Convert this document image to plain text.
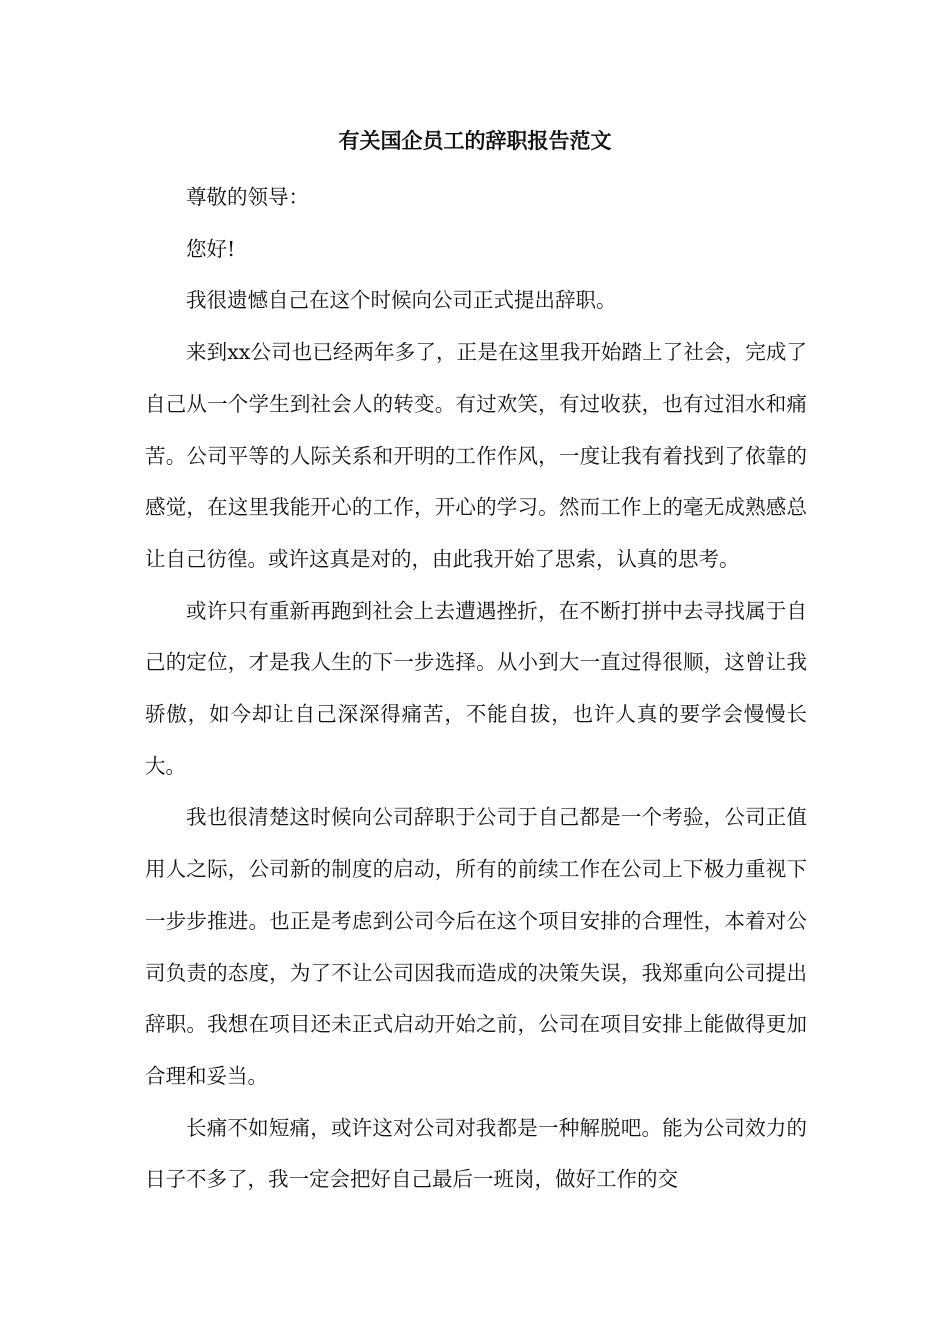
有关国企员工的辞职报告范文

尊敬的领导：

您好!

我很遗憾自己在这个时候向公司正式提出辞职。

来到xx公司也已经两年多了，正是在这里我开始踏上了社会，完成了自己从一个学生到社会人的转变。有过欢笑，有过收获，也有过泪水和痛苦。公司平等的人际关系和开明的工作作风，一度让我有着找到了依靠的感觉，在这里我能开心的工作，开心的学习。然而工作上的毫无成熟感总让自己彷徨。或许这真是对的，由此我开始了思索，认真的思考。

或许只有重新再跑到社会上去遭遇挫折，在不断打拼中去寻找属于自己的定位，才是我人生的下一步选择。从小到大一直过得很顺，这曾让我骄傲，如今却让自己深深得痛苦，不能自拔，也许人真的要学会慢慢长大。

我也很清楚这时候向公司辞职于公司于自己都是一个考验，公司正值用人之际，公司新的制度的启动，所有的前续工作在公司上下极力重视下一步步推进。也正是考虑到公司今后在这个项目安排的合理性，本着对公司负责的态度，为了不让公司因我而造成的决策失误，我郑重向公司提出辞职。我想在项目还未正式启动开始之前，公司在项目安排上能做得更加合理和妥当。

长痛不如短痛，或许这对公司对我都是一种解脱吧。能为公司效力的日子不多了，我一定会把好自己最后一班岗，做好工作的交
